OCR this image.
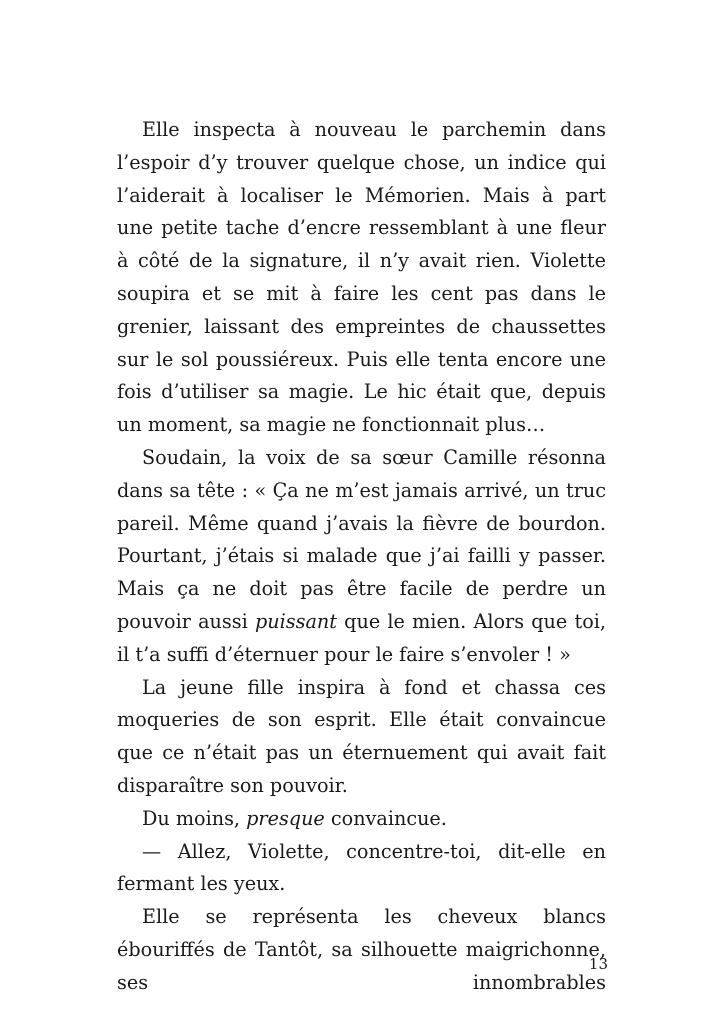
Elle inspecta à nouveau le parchemin dans l’espoir d’y trouver quelque chose, un indice qui l’aiderait à localiser le Mémorien. Mais à part une petite tache d’encre ressemblant à une fleur à côté de la signature, il n’y avait rien. Violette soupira et se mit à faire les cent pas dans le grenier, laissant des empreintes de chaussettes sur le sol poussiéreux. Puis elle tenta encore une fois d’utiliser sa magie. Le hic était que, depuis un moment, sa magie ne fonctionnait plus…

Soudain, la voix de sa sœur Camille résonna dans sa tête : « Ça ne m’est jamais arrivé, un truc pareil. Même quand j’avais la fièvre de bourdon. Pourtant, j’étais si malade que j’ai failli y passer. Mais ça ne doit pas être facile de perdre un pouvoir aussi puissant que le mien. Alors que toi, il t’a suffi d’éternuer pour le faire s’envoler ! »

La jeune fille inspira à fond et chassa ces moqueries de son esprit. Elle était convaincue que ce n’était pas un éternuement qui avait fait disparaître son pouvoir.

Du moins, presque convaincue.

— Allez, Violette, concentre-toi, dit-elle en fermant les yeux.

Elle se représenta les cheveux blancs ébouriffés de Tantôt, sa silhouette maigrichonne, ses innombrables

13
